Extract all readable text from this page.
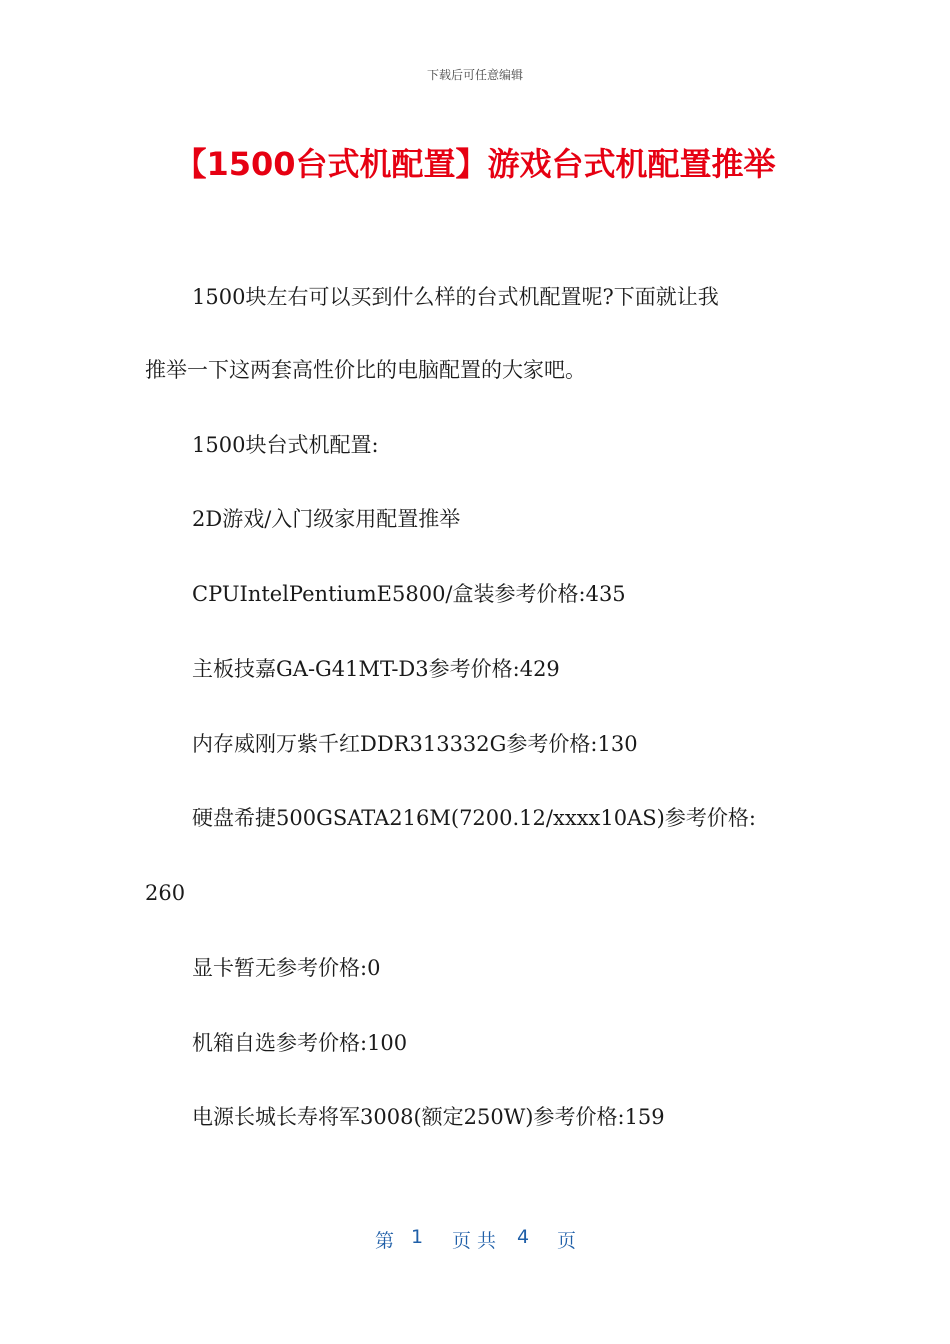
下载后可任意编辑
【1500台式机配置】游戏台式机配置推举

1500块左右可以买到什么样的台式机配置呢?下面就让我

推举一下这两套高性价比的电脑配置的大家吧。

1500块台式机配置:

2D游戏/入门级家用配置推举

CPUIntelPentiumE5800/盒装参考价格:435

主板技嘉GA-G41MT-D3参考价格:429

内存威刚万紫千红DDR313332G参考价格:130

硬盘希捷500GSATA216M(7200.12/xxxx10AS)参考价格:

260

显卡暂无参考价格:0

机箱自选参考价格:100

电源长城长寿将军3008(额定250W)参考价格:159

第 1 页 共 4 页
